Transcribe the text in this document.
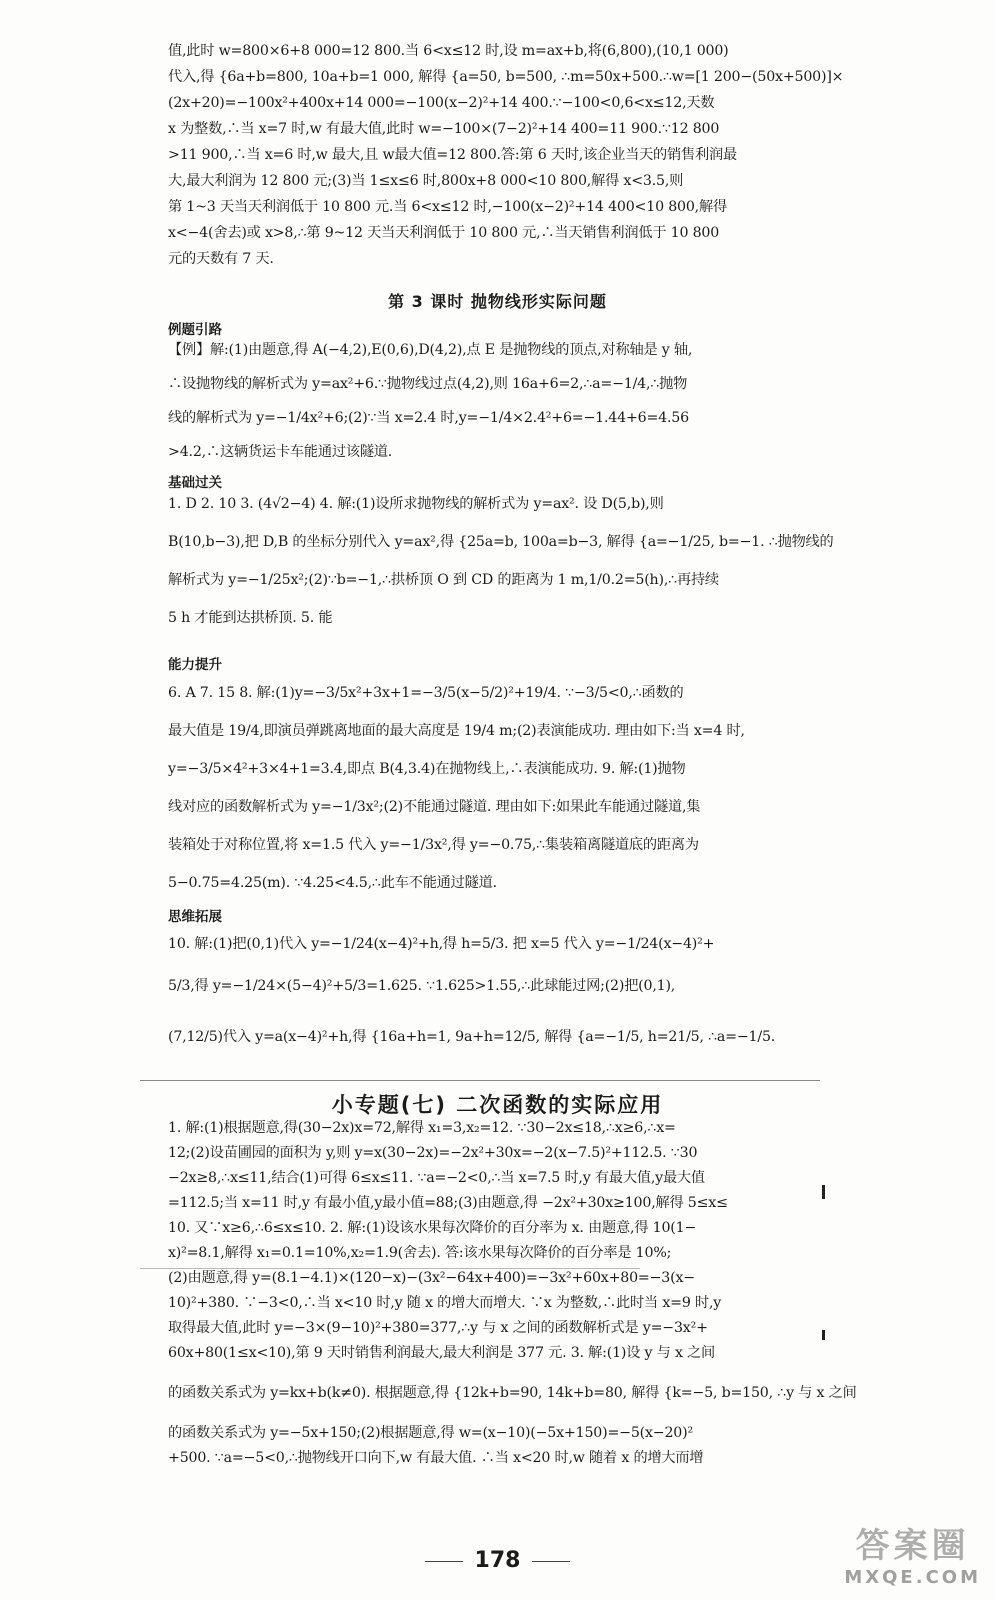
值,此时 w=800×6+8 000=12 800.当 6<x≤12 时,设 m=ax+b,将(6,800),(10,1 000)

代入,得 {6a+b=800, 10a+b=1 000, 解得 {a=50, b=500, ∴m=50x+500.∴w=[1 200−(50x+500)]×

(2x+20)=−100x²+400x+14 000=−100(x−2)²+14 400.∵−100<0,6<x≤12,天数

x 为整数,∴当 x=7 时,w 有最大值,此时 w=−100×(7−2)²+14 400=11 900.∵12 800

>11 900,∴当 x=6 时,w 最大,且 w最大值=12 800.答:第 6 天时,该企业当天的销售利润最

大,最大利润为 12 800 元;(3)当 1≤x≤6 时,800x+8 000<10 800,解得 x<3.5,则

第 1~3 天当天利润低于 10 800 元.当 6<x≤12 时,−100(x−2)²+14 400<10 800,解得

x<−4(舍去)或 x>8,∴第 9~12 天当天利润低于 10 800 元,∴当天销售利润低于 10 800

元的天数有 7 天.

第 3 课时 抛物线形实际问题
例题引路

【例】解:(1)由题意,得 A(−4,2),E(0,6),D(4,2),点 E 是抛物线的顶点,对称轴是 y 轴,

∴设抛物线的解析式为 y=ax²+6.∵抛物线过点(4,2),则 16a+6=2,∴a=−1/4,∴抛物

线的解析式为 y=−1/4x²+6;(2)∵当 x=2.4 时,y=−1/4×2.4²+6=−1.44+6=4.56

>4.2,∴这辆货运卡车能通过该隧道.

基础过关

1. D 2. 10 3. (4√2−4) 4. 解:(1)设所求抛物线的解析式为 y=ax². 设 D(5,b),则

B(10,b−3),把 D,B 的坐标分别代入 y=ax²,得 {25a=b, 100a=b−3, 解得 {a=−1/25, b=−1. ∴抛物线的

解析式为 y=−1/25x²;(2)∵b=−1,∴拱桥顶 O 到 CD 的距离为 1 m,1/0.2=5(h),∴再持续

5 h 才能到达拱桥顶. 5. 能

能力提升

6. A 7. 15 8. 解:(1)y=−3/5x²+3x+1=−3/5(x−5/2)²+19/4. ∵−3/5<0,∴函数的

最大值是 19/4,即演员弹跳离地面的最大高度是 19/4 m;(2)表演能成功. 理由如下:当 x=4 时,

y=−3/5×4²+3×4+1=3.4,即点 B(4,3.4)在抛物线上,∴表演能成功. 9. 解:(1)抛物

线对应的函数解析式为 y=−1/3x²;(2)不能通过隧道. 理由如下:如果此车能通过隧道,集

装箱处于对称位置,将 x=1.5 代入 y=−1/3x²,得 y=−0.75,∴集装箱离隧道底的距离为

5−0.75=4.25(m). ∵4.25<4.5,∴此车不能通过隧道.

思维拓展

10. 解:(1)把(0,1)代入 y=−1/24(x−4)²+h,得 h=5/3. 把 x=5 代入 y=−1/24(x−4)²+

5/3,得 y=−1/24×(5−4)²+5/3=1.625. ∵1.625>1.55,∴此球能过网;(2)把(0,1),

(7,12/5)代入 y=a(x−4)²+h,得 {16a+h=1, 9a+h=12/5, 解得 {a=−1/5, h=21/5, ∴a=−1/5.

小专题(七) 二次函数的实际应用

1. 解:(1)根据题意,得(30−2x)x=72,解得 x₁=3,x₂=12. ∵30−2x≤18,∴x≥6,∴x=

12;(2)设苗圃园的面积为 y,则 y=x(30−2x)=−2x²+30x=−2(x−7.5)²+112.5. ∵30

−2x≥8,∴x≤11,结合(1)可得 6≤x≤11. ∵a=−2<0,∴当 x=7.5 时,y 有最大值,y最大值

=112.5;当 x=11 时,y 有最小值,y最小值=88;(3)由题意,得 −2x²+30x≥100,解得 5≤x≤

10. 又∵x≥6,∴6≤x≤10. 2. 解:(1)设该水果每次降价的百分率为 x. 由题意,得 10(1−

x)²=8.1,解得 x₁=0.1=10%,x₂=1.9(舍去). 答:该水果每次降价的百分率是 10%;

(2)由题意,得 y=(8.1−4.1)×(120−x)−(3x²−64x+400)=−3x²+60x+80=−3(x−

10)²+380. ∵−3<0,∴当 x<10 时,y 随 x 的增大而增大. ∵x 为整数,∴此时当 x=9 时,y

取得最大值,此时 y=−3×(9−10)²+380=377,∴y 与 x 之间的函数解析式是 y=−3x²+

60x+80(1≤x<10),第 9 天时销售利润最大,最大利润是 377 元. 3. 解:(1)设 y 与 x 之间

的函数关系式为 y=kx+b(k≠0). 根据题意,得 {12k+b=90, 14k+b=80, 解得 {k=−5, b=150, ∴y 与 x 之间

的函数关系式为 y=−5x+150;(2)根据题意,得 w=(x−10)(−5x+150)=−5(x−20)²

+500. ∵a=−5<0,∴抛物线开口向下,w 有最大值. ∴当 x<20 时,w 随着 x 的增大而增

178	答案圈
MXQE.COM
